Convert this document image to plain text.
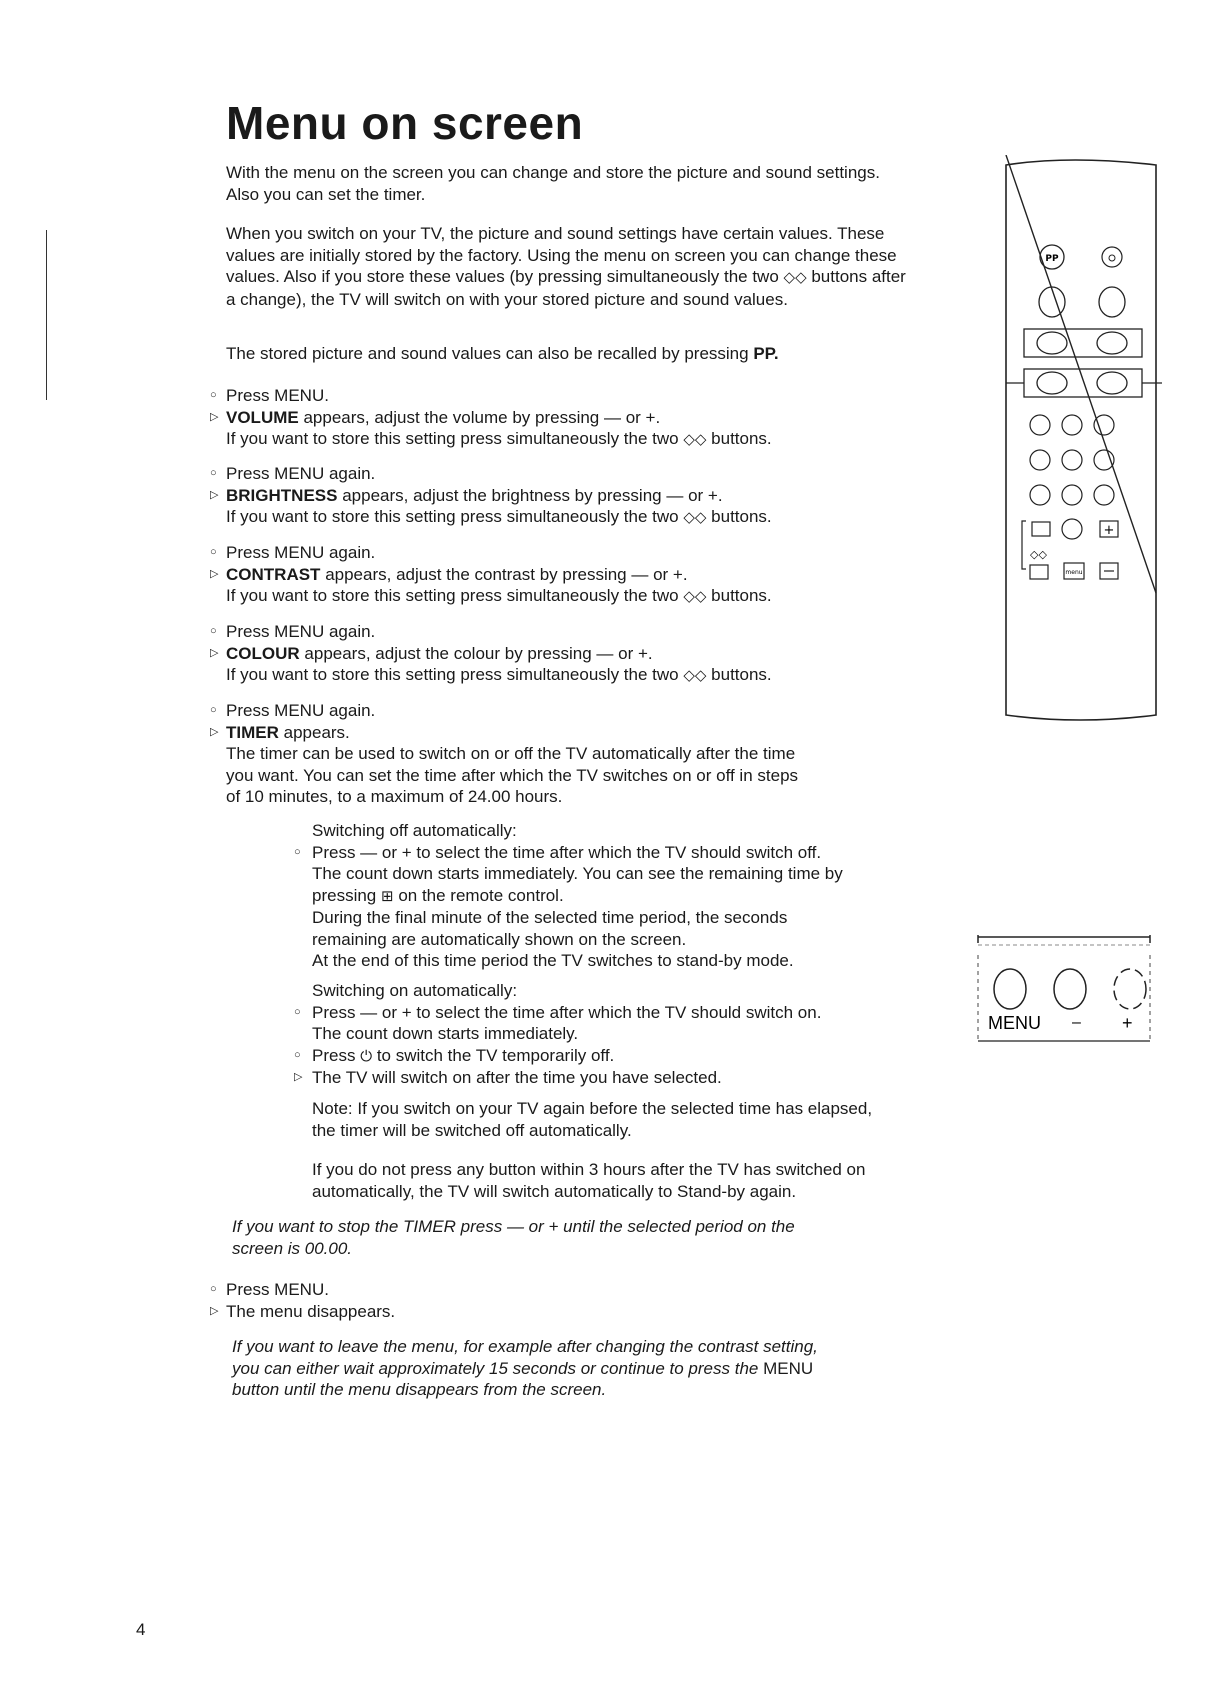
Menu on screen
With the menu on the screen you can change and store the picture and sound settings. Also you can set the timer.
When you switch on your TV, the picture and sound settings have certain values. These values are initially stored by the factory. Using the menu on screen you can change these values. Also if you store these values (by pressing simultaneously the two ◇◇ buttons after a change), the TV will switch on with your stored picture and sound values.
The stored picture and sound values can also be recalled by pressing PP.
○ Press MENU.
▷ VOLUME appears, adjust the volume by pressing — or +.
If you want to store this setting press simultaneously the two ◇◇ buttons.
○ Press MENU again.
▷ BRIGHTNESS appears, adjust the brightness by pressing — or +.
If you want to store this setting press simultaneously the two ◇◇ buttons.
○ Press MENU again.
▷ CONTRAST appears, adjust the contrast by pressing — or +.
If you want to store this setting press simultaneously the two ◇◇ buttons.
○ Press MENU again.
▷ COLOUR appears, adjust the colour by pressing — or +.
If you want to store this setting press simultaneously the two ◇◇ buttons.
○ Press MENU again.
▷ TIMER appears.
The timer can be used to switch on or off the TV automatically after the time
you want. You can set the time after which the TV switches on or off in steps
of 10 minutes, to a maximum of 24.00 hours.
Switching off automatically:
○ Press — or + to select the time after which the TV should switch off.
The count down starts immediately. You can see the remaining time by
pressing ⊞ on the remote control.
During the final minute of the selected time period, the seconds
remaining are automatically shown on the screen.
At the end of this time period the TV switches to stand-by mode.
Switching on automatically:
○ Press — or + to select the time after which the TV should switch on.
The count down starts immediately.
○ Press ⏻ to switch the TV temporarily off.
▷ The TV will switch on after the time you have selected.
Note: If you switch on your TV again before the selected time has elapsed,
the timer will be switched off automatically.
If you do not press any button within 3 hours after the TV has switched on
automatically, the TV will switch automatically to Stand-by again.
If you want to stop the TIMER press — or + until the selected period on the
screen is 00.00.
○ Press MENU.
▷ The menu disappears.
If you want to leave the menu, for example after changing the contrast setting,
you can either wait approximately 15 seconds or continue to press the MENU
button until the menu disappears from the screen.
PP
+
◇◇
menu
MENU – +
4
